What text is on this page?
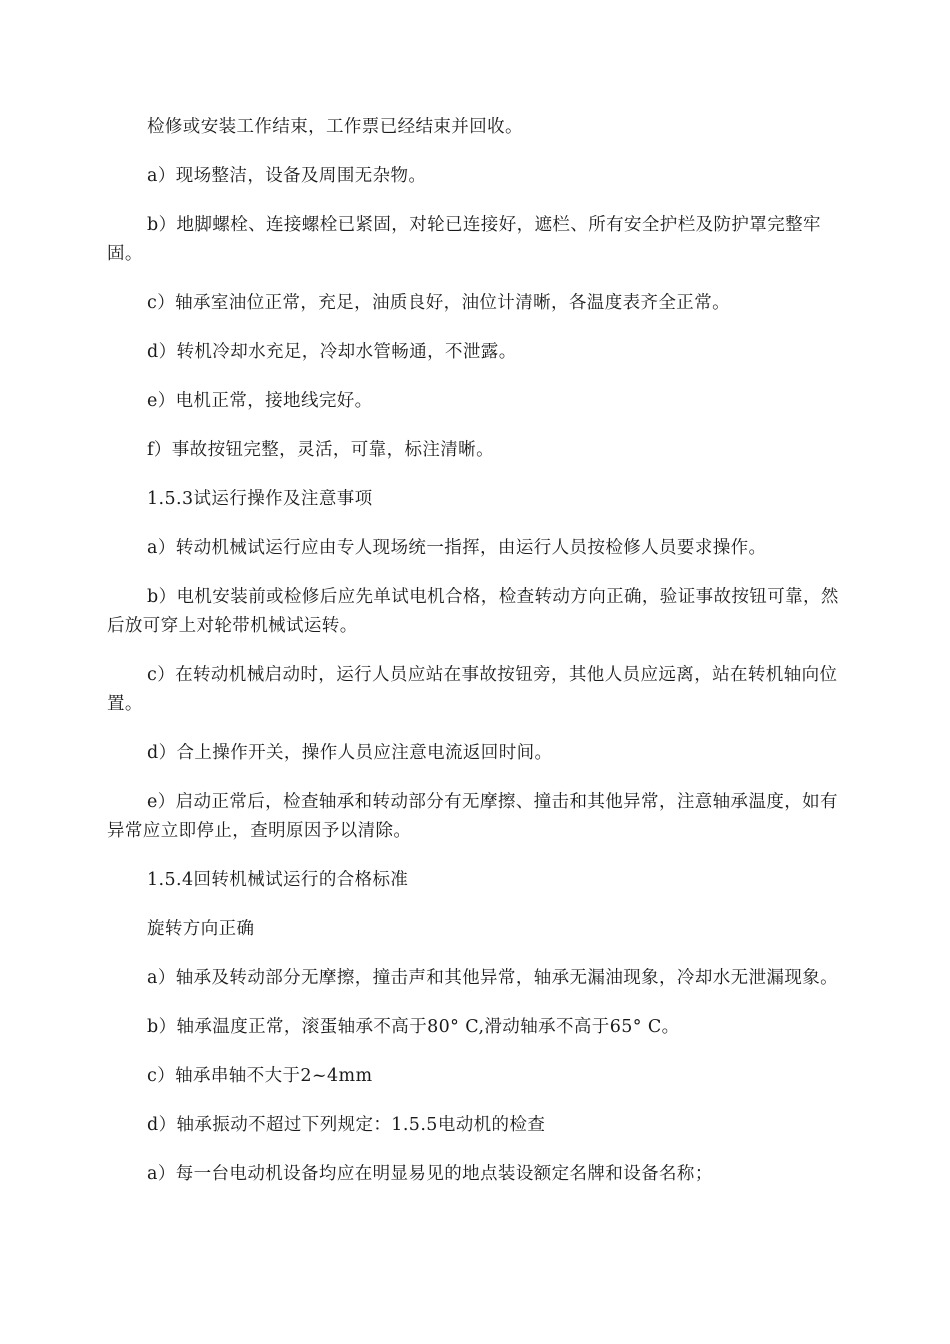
检修或安装工作结束，工作票已经结束并回收。

a）现场整洁，设备及周围无杂物。

b）地脚螺栓、连接螺栓已紧固，对轮已连接好，遮栏、所有安全护栏及防护罩完整牢固。

c）轴承室油位正常，充足，油质良好，油位计清晰，各温度表齐全正常。

d）转机冷却水充足，冷却水管畅通，不泄露。

e）电机正常，接地线完好。

f）事故按钮完整，灵活，可靠，标注清晰。

1.5.3试运行操作及注意事项

a）转动机械试运行应由专人现场统一指挥，由运行人员按检修人员要求操作。

b）电机安装前或检修后应先单试电机合格，检查转动方向正确，验证事故按钮可靠，然后放可穿上对轮带机械试运转。

c）在转动机械启动时，运行人员应站在事故按钮旁，其他人员应远离，站在转机轴向位置。

d）合上操作开关，操作人员应注意电流返回时间。

e）启动正常后，检查轴承和转动部分有无摩擦、撞击和其他异常，注意轴承温度，如有异常应立即停止，查明原因予以清除。

1.5.4回转机械试运行的合格标准

旋转方向正确

a）轴承及转动部分无摩擦，撞击声和其他异常，轴承无漏油现象，冷却水无泄漏现象。

b）轴承温度正常，滚蛋轴承不高于80° C,滑动轴承不高于65° C。

c）轴承串轴不大于2~4mm

d）轴承振动不超过下列规定：1.5.5电动机的检查

a）每一台电动机设备均应在明显易见的地点装设额定名牌和设备名称；
